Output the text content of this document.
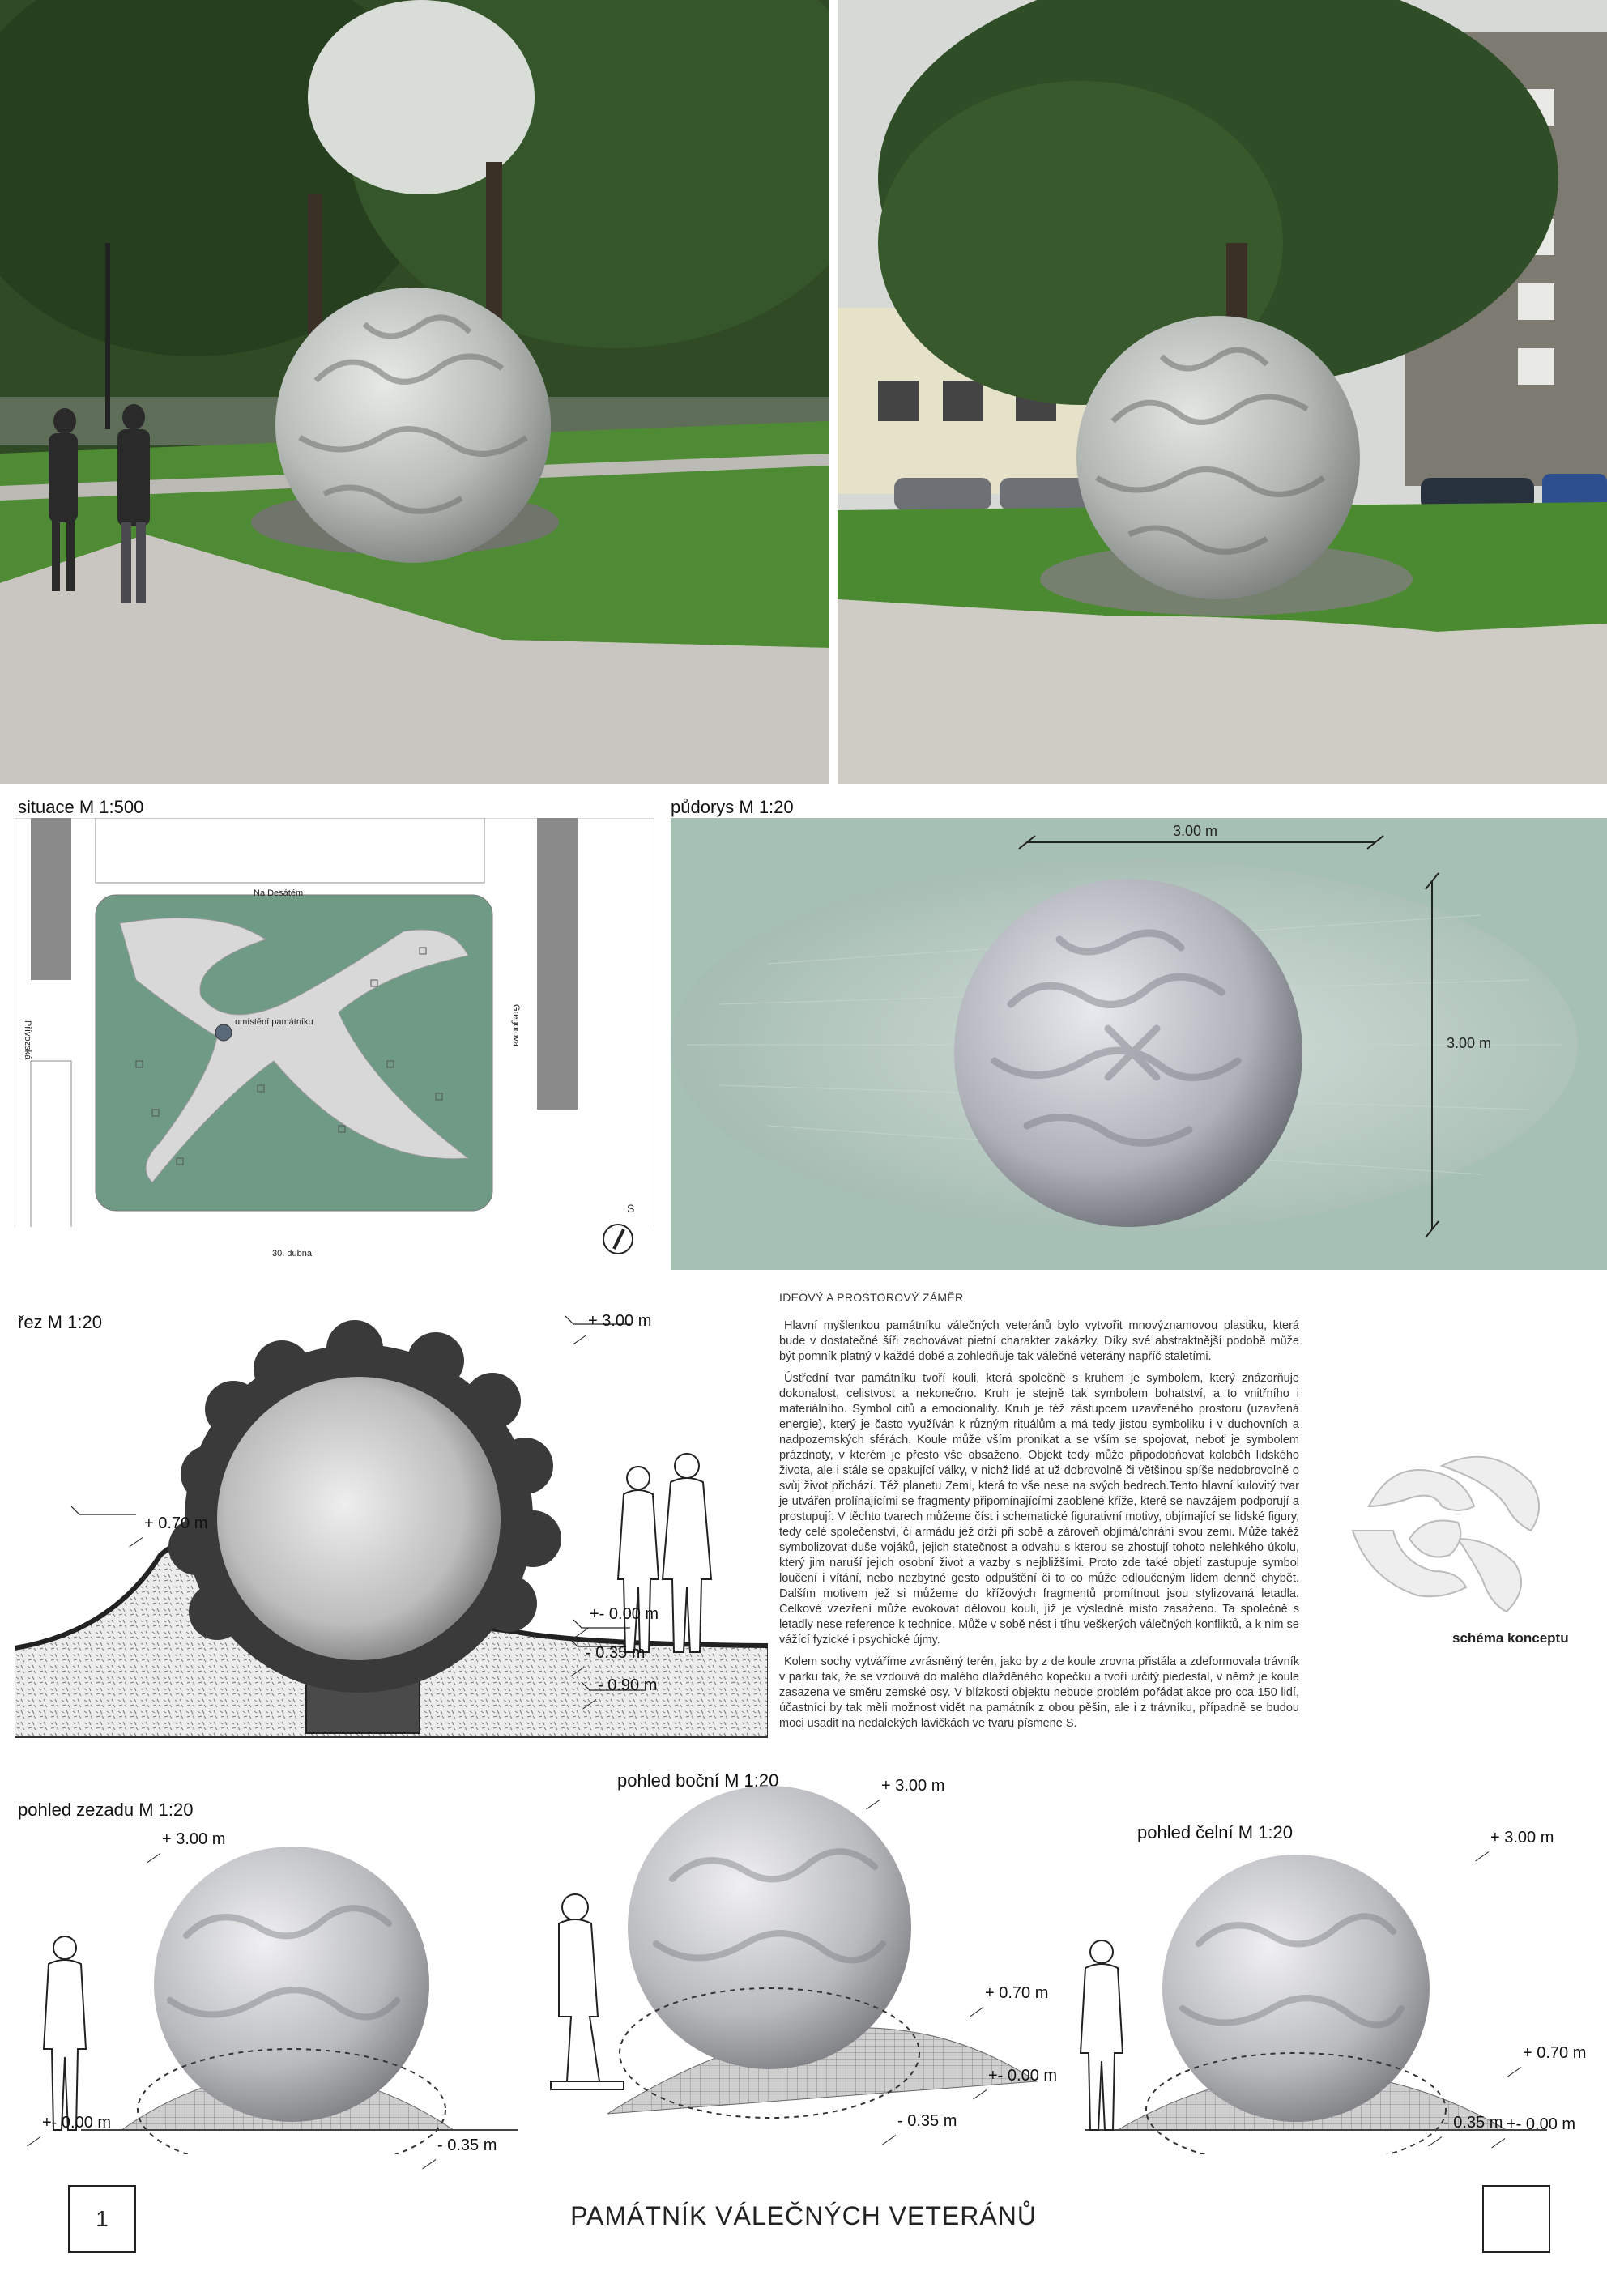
situace M 1:500
Na Desátém
Přívozská	Gregorova
30. dubna
umístění památníku
S
půdorys M 1:20
3.00 m
3.00 m
řez M 1:20	+ 3.00 m
+ 0.70 m
+- 0.00 m
- 0.35 m
- 0.90 m
IDEOVÝ A PROSTOROVÝ ZÁMĚR

Hlavní myšlenkou památníku válečných veteránů bylo vytvořit mnovýznamovou plastiku, která bude v dostatečné šíři zachovávat pietní charakter zakázky. Díky své abstraktnější podobě může být pomník platný v každé době a zohledňuje tak válečné veterány napříč staletími.

Ústřední tvar památníku tvoří kouli, která společně s kruhem je symbolem, který znázorňuje dokonalost, celistvost a nekonečno. Kruh je stejně tak symbolem bohatství, a to vnitřního i materiálního. Symbol citů a emocionality. Kruh je též zástupcem uzavřeného prostoru (uzavřená energie), který je často využíván k různým rituálům a má tedy jistou symboliku i v duchovních a nadpozemských sférách. Koule může vším pronikat a se vším se spojovat, neboť je symbolem prázdnoty, v kterém je přesto vše obsaženo. Objekt tedy může připodobňovat koloběh lidského života, ale i stále se opakující války, v nichž lidé at už dobrovolně či většinou spíše nedobrovolně o svůj život přichází. Též planetu Zemi, která to vše nese na svých bedrech.Tento hlavní kulovitý tvar je utvářen prolínajícími se fragmenty připomínajícími zaoblené kříže, které se navzájem podporují a prostupují. V těchto tvarech můžeme číst i schematické figurativní motivy, objímající se lidské figury, tedy celé společenství, či armádu jež drží při sobě a zároveň objímá/chrání svou zemi. Může takéž symbolizovat duše vojáků, jejich statečnost a odvahu s kterou se zhostují tohoto nelehkého úkolu, který jim naruší jejich osobní život a vazby s nejbližšími. Proto zde také objetí zastupuje symbol loučení i vítání, nebo nezbytné gesto odpuštění či to co může odloučeným lidem denně chybět. Dalším motivem jež si můžeme do křížových fragmentů promítnout jsou stylizovaná letadla. Celkové vzezření může evokovat dělovou kouli, jíž je výsledné místo zasaženo. Ta společně s letadly nese reference k technice. Může v sobě nést i tíhu veškerých válečných konfliktů, a k nim se vážící fyzické i psychické újmy.

Kolem sochy vytváříme zvrásněný terén, jako by z de koule zrovna přistála a zdeformovala trávník v parku tak, že se vzdouvá do malého dlážděného kopečku a tvoří určitý piedestal, v němž je koule zasazena ve směru zemské osy. V blízkosti objektu nebude problém pořádat akce pro cca 150 lidí, účastníci by tak měli možnost vidět na památník z obou pěšin, ale i z trávníku, případně se budou moci usadit na nedalekých lavičkách ve tvaru písmene S.

schéma konceptu
pohled zezadu M 1:20
pohled boční M 1:20
pohled čelní M 1:20
+ 3.00 m
+- 0.00 m
- 0.35 m
+ 3.00 m
+ 0.70 m
+- 0.00 m
- 0.35 m
+ 3.00 m
+ 0.70 m
+- 0.00 m
- 0.35 m
1	PAMÁTNÍK VÁLEČNÝCH VETERÁNŮ
